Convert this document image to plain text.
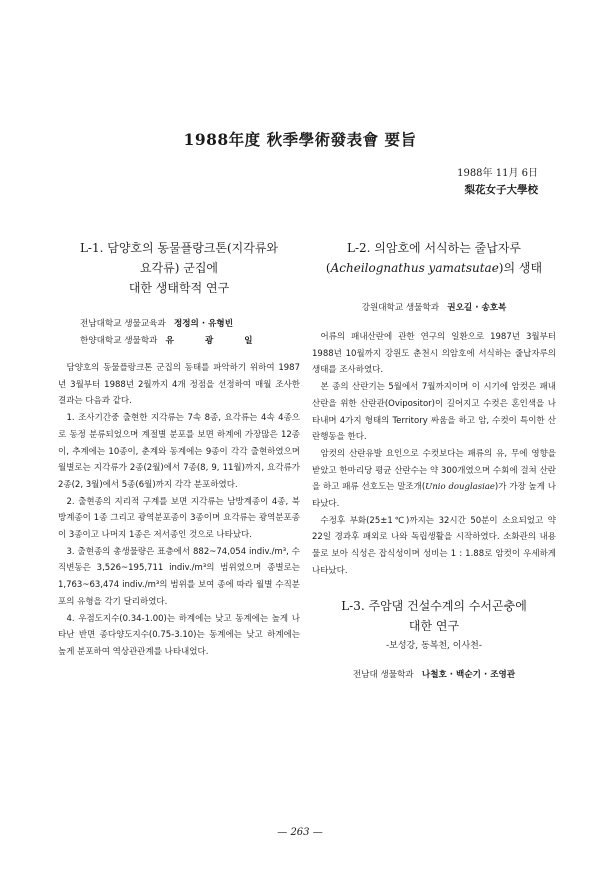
1988年度 秋季學術發表會 要旨
1988年 11月 6日
梨花女子大學校
L-1. 담양호의 동물플랑크톤(지각류와
요각류) 군집에
대한 생태학적 연구
전남대학교 생물교육과 정정의 · 유형빈
한양대학교 생물학과 유 광 일

담양호의 동물플랑크톤 군집의 동태를 파악하기 위하여 1987년 3월부터 1988년 2월까지 4개 정점을 선정하여 매월 조사한 결과는 다음과 같다.

1. 조사기간중 출현한 지각류는 7속 8종, 요각류는 4속 4종으로 동정 분류되었으며 계절별 분포를 보면 하계에 가장많은 12종이, 추계에는 10종이, 춘계와 동계에는 9종이 각각 출현하였으며 월별로는 지각류가 2종(2월)에서 7종(8, 9, 11월)까지, 요각류가 2종(2, 3월)에서 5종(6월)까지 각각 분포하였다.

2. 출현종의 지리적 구계를 보면 지각류는 남방계종이 4종, 북방계종이 1종 그리고 광역분포종이 3종이며 요각류는 광역분포종이 3종이고 나머지 1종은 저서종인 것으로 나타났다.

3. 출현종의 총생물량은 표층에서 882~74,054 indiv./m³, 수직변동은 3,526~195,711 indiv./m³의 범위였으며 종별로는 1,763~63,474 indiv./m³의 범위를 보여 종에 따라 월별 수직분포의 유형을 각기 달리하였다.

4. 우점도지수(0.34-1.00)는 하계에는 낮고 동계에는 높게 나타난 반면 종다양도지수(0.75-3.10)는 동계에는 낮고 하계에는 높게 분포하여 역상관관계를 나타내었다.

L-2. 의암호에 서식하는 줄납자루
(Acheilognathus yamatsutae)의 생태
강원대학교 생물학과 권오길 · 송호복

어류의 패내산란에 관한 연구의 일환으로 1987년 3월부터 1988년 10월까지 강원도 춘천시 의암호에 서식하는 줄납자루의 생태를 조사하였다.

본 종의 산란기는 5월에서 7월까지이며 이 시기에 암컷은 패내산란을 위한 산란관(Ovipositor)이 길어지고 수컷은 혼인색을 나타내며 4가지 형태의 Territory 싸움을 하고 암, 수컷이 특이한 산란행동을 한다.

암컷의 산란유발 요인으로 수컷보다는 패류의 유, 무에 영향을 받았고 한마리당 평균 산란수는 약 300개였으며 수회에 걸쳐 산란을 하고 패류 선호도는 말조개(Unio douglasiae)가 가장 높게 나타났다.

수정후 부화(25±1℃)까지는 32시간 50분이 소요되었고 약 22일 경과후 패외로 나와 독립생활을 시작하였다. 소화관의 내용물로 보아 식성은 잡식성이며 성비는 1 : 1.88로 암컷이 우세하게 나타났다.

L-3. 주암댐 건설수계의 수서곤충에
대한 연구
-보성강, 동복천, 이사천-
전남대 생물학과 나철호 · 백순기 · 조영관
— 263 —
